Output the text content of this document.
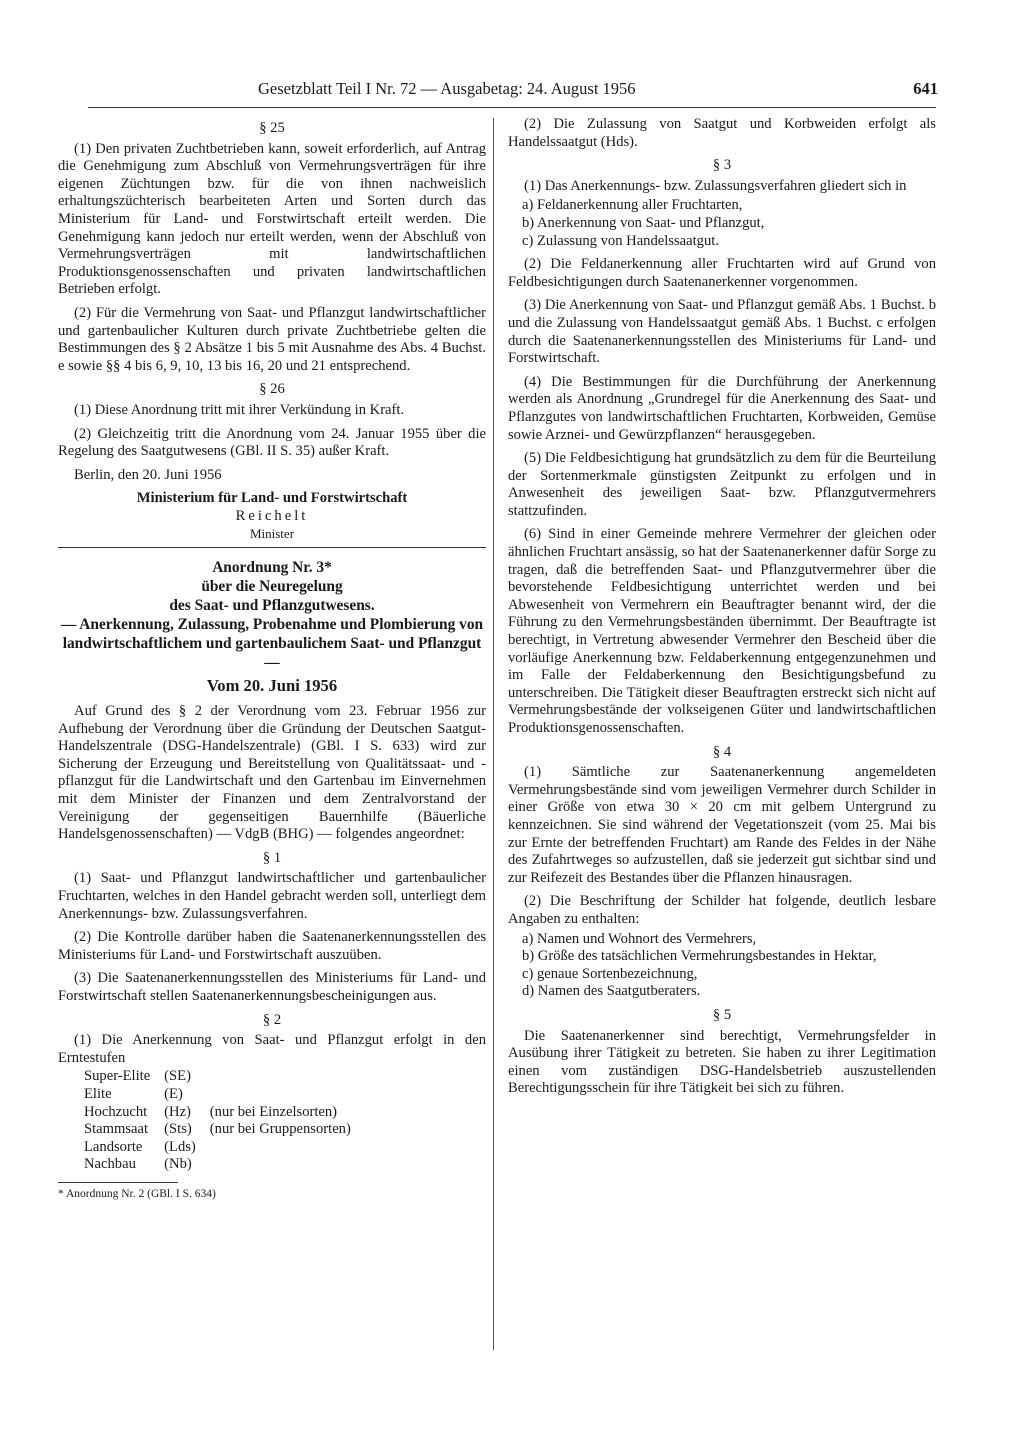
Gesetzblatt Teil I Nr. 72 — Ausgabetag: 24. August 1956	641
§ 25

(1) Den privaten Zuchtbetrieben kann, soweit erforderlich, auf Antrag die Genehmigung zum Abschluß von Vermehrungsverträgen für ihre eigenen Züchtungen bzw. für die von ihnen nachweislich erhaltungszüchterisch bearbeiteten Arten und Sorten durch das Ministerium für Land- und Forstwirtschaft erteilt werden. Die Genehmigung kann jedoch nur erteilt werden, wenn der Abschluß von Vermehrungsverträgen mit landwirtschaftlichen Produktionsgenossenschaften und privaten landwirtschaftlichen Betrieben erfolgt.

(2) Für die Vermehrung von Saat- und Pflanzgut landwirtschaftlicher und gartenbaulicher Kulturen durch private Zuchtbetriebe gelten die Bestimmungen des § 2 Absätze 1 bis 5 mit Ausnahme des Abs. 4 Buchst. e sowie §§ 4 bis 6, 9, 10, 13 bis 16, 20 und 21 entsprechend.

§ 26

(1) Diese Anordnung tritt mit ihrer Verkündung in Kraft.

(2) Gleichzeitig tritt die Anordnung vom 24. Januar 1955 über die Regelung des Saatgutwesens (GBl. II S. 35) außer Kraft.

Berlin, den 20. Juni 1956

Ministerium für Land- und Forstwirtschaft
Reichelt
Minister
Anordnung Nr. 3*
über die Neuregelung
des Saat- und Pflanzgutwesens.
— Anerkennung, Zulassung, Probenahme und Plombierung von landwirtschaftlichem und gartenbaulichem Saat- und Pflanzgut —
Vom 20. Juni 1956

Auf Grund des § 2 der Verordnung vom 23. Februar 1956 zur Aufhebung der Verordnung über die Gründung der Deutschen Saatgut-Handelszentrale (DSG-Handelszentrale) (GBl. I S. 633) wird zur Sicherung der Erzeugung und Bereitstellung von Qualitätssaat- und -pflanzgut für die Landwirtschaft und den Gartenbau im Einvernehmen mit dem Minister der Finanzen und dem Zentralvorstand der Vereinigung der gegenseitigen Bauernhilfe (Bäuerliche Handelsgenossenschaften) — VdgB (BHG) — folgendes angeordnet:

§ 1

(1) Saat- und Pflanzgut landwirtschaftlicher und gartenbaulicher Fruchtarten, welches in den Handel gebracht werden soll, unterliegt dem Anerkennungs- bzw. Zulassungsverfahren.

(2) Die Kontrolle darüber haben die Saatenanerkennungsstellen des Ministeriums für Land- und Forstwirtschaft auszuüben.

(3) Die Saatenanerkennungsstellen des Ministeriums für Land- und Forstwirtschaft stellen Saatenanerkennungsbescheinigungen aus.

§ 2

(1) Die Anerkennung von Saat- und Pflanzgut erfolgt in den Erntestufen

Super-Elite	(SE)	
Elite	(E)	
Hochzucht	(Hz)	(nur bei Einzelsorten)
Stammsaat	(Sts)	(nur bei Gruppensorten)
Landsorte	(Lds)	
Nachbau	(Nb)	
* Anordnung Nr. 2 (GBl. I S. 634)

(2) Die Zulassung von Saatgut und Korbweiden erfolgt als Handelssaatgut (Hds).

§ 3

(1) Das Anerkennungs- bzw. Zulassungsverfahren gliedert sich in

a) Feldanerkennung aller Fruchtarten,
b) Anerkennung von Saat- und Pflanzgut,
c) Zulassung von Handelssaatgut.

(2) Die Feldanerkennung aller Fruchtarten wird auf Grund von Feldbesichtigungen durch Saatenanerkenner vorgenommen.

(3) Die Anerkennung von Saat- und Pflanzgut gemäß Abs. 1 Buchst. b und die Zulassung von Handelssaatgut gemäß Abs. 1 Buchst. c erfolgen durch die Saatenanerkennungsstellen des Ministeriums für Land- und Forstwirtschaft.

(4) Die Bestimmungen für die Durchführung der Anerkennung werden als Anordnung „Grundregel für die Anerkennung des Saat- und Pflanzgutes von landwirtschaftlichen Fruchtarten, Korbweiden, Gemüse sowie Arznei- und Gewürzpflanzen“ herausgegeben.

(5) Die Feldbesichtigung hat grundsätzlich zu dem für die Beurteilung der Sortenmerkmale günstigsten Zeitpunkt zu erfolgen und in Anwesenheit des jeweiligen Saat- bzw. Pflanzgutvermehrers stattzufinden.

(6) Sind in einer Gemeinde mehrere Vermehrer der gleichen oder ähnlichen Fruchtart ansässig, so hat der Saatenanerkenner dafür Sorge zu tragen, daß die betreffenden Saat- und Pflanzgutvermehrer über die bevorstehende Feldbesichtigung unterrichtet werden und bei Abwesenheit von Vermehrern ein Beauftragter benannt wird, der die Führung zu den Vermehrungsbeständen übernimmt. Der Beauftragte ist berechtigt, in Vertretung abwesender Vermehrer den Bescheid über die vorläufige Anerkennung bzw. Feldaberkennung entgegenzunehmen und im Falle der Feldaberkennung den Besichtigungsbefund zu unterschreiben. Die Tätigkeit dieser Beauftragten erstreckt sich nicht auf Vermehrungsbestände der volkseigenen Güter und landwirtschaftlichen Produktionsgenossenschaften.

§ 4

(1) Sämtliche zur Saatenanerkennung angemeldeten Vermehrungsbestände sind vom jeweiligen Vermehrer durch Schilder in einer Größe von etwa 30 × 20 cm mit gelbem Untergrund zu kennzeichnen. Sie sind während der Vegetationszeit (vom 25. Mai bis zur Ernte der betreffenden Fruchtart) am Rande des Feldes in der Nähe des Zufahrtweges so aufzustellen, daß sie jederzeit gut sichtbar sind und zur Reifezeit des Bestandes über die Pflanzen hinausragen.

(2) Die Beschriftung der Schilder hat folgende, deutlich lesbare Angaben zu enthalten:

a) Namen und Wohnort des Vermehrers,
b) Größe des tatsächlichen Vermehrungsbestandes in Hektar,
c) genaue Sortenbezeichnung,
d) Namen des Saatgutberaters.
§ 5

Die Saatenanerkenner sind berechtigt, Vermehrungsfelder in Ausübung ihrer Tätigkeit zu betreten. Sie haben zu ihrer Legitimation einen vom zuständigen DSG-Handelsbetrieb auszustellenden Berechtigungsschein für ihre Tätigkeit bei sich zu führen.
